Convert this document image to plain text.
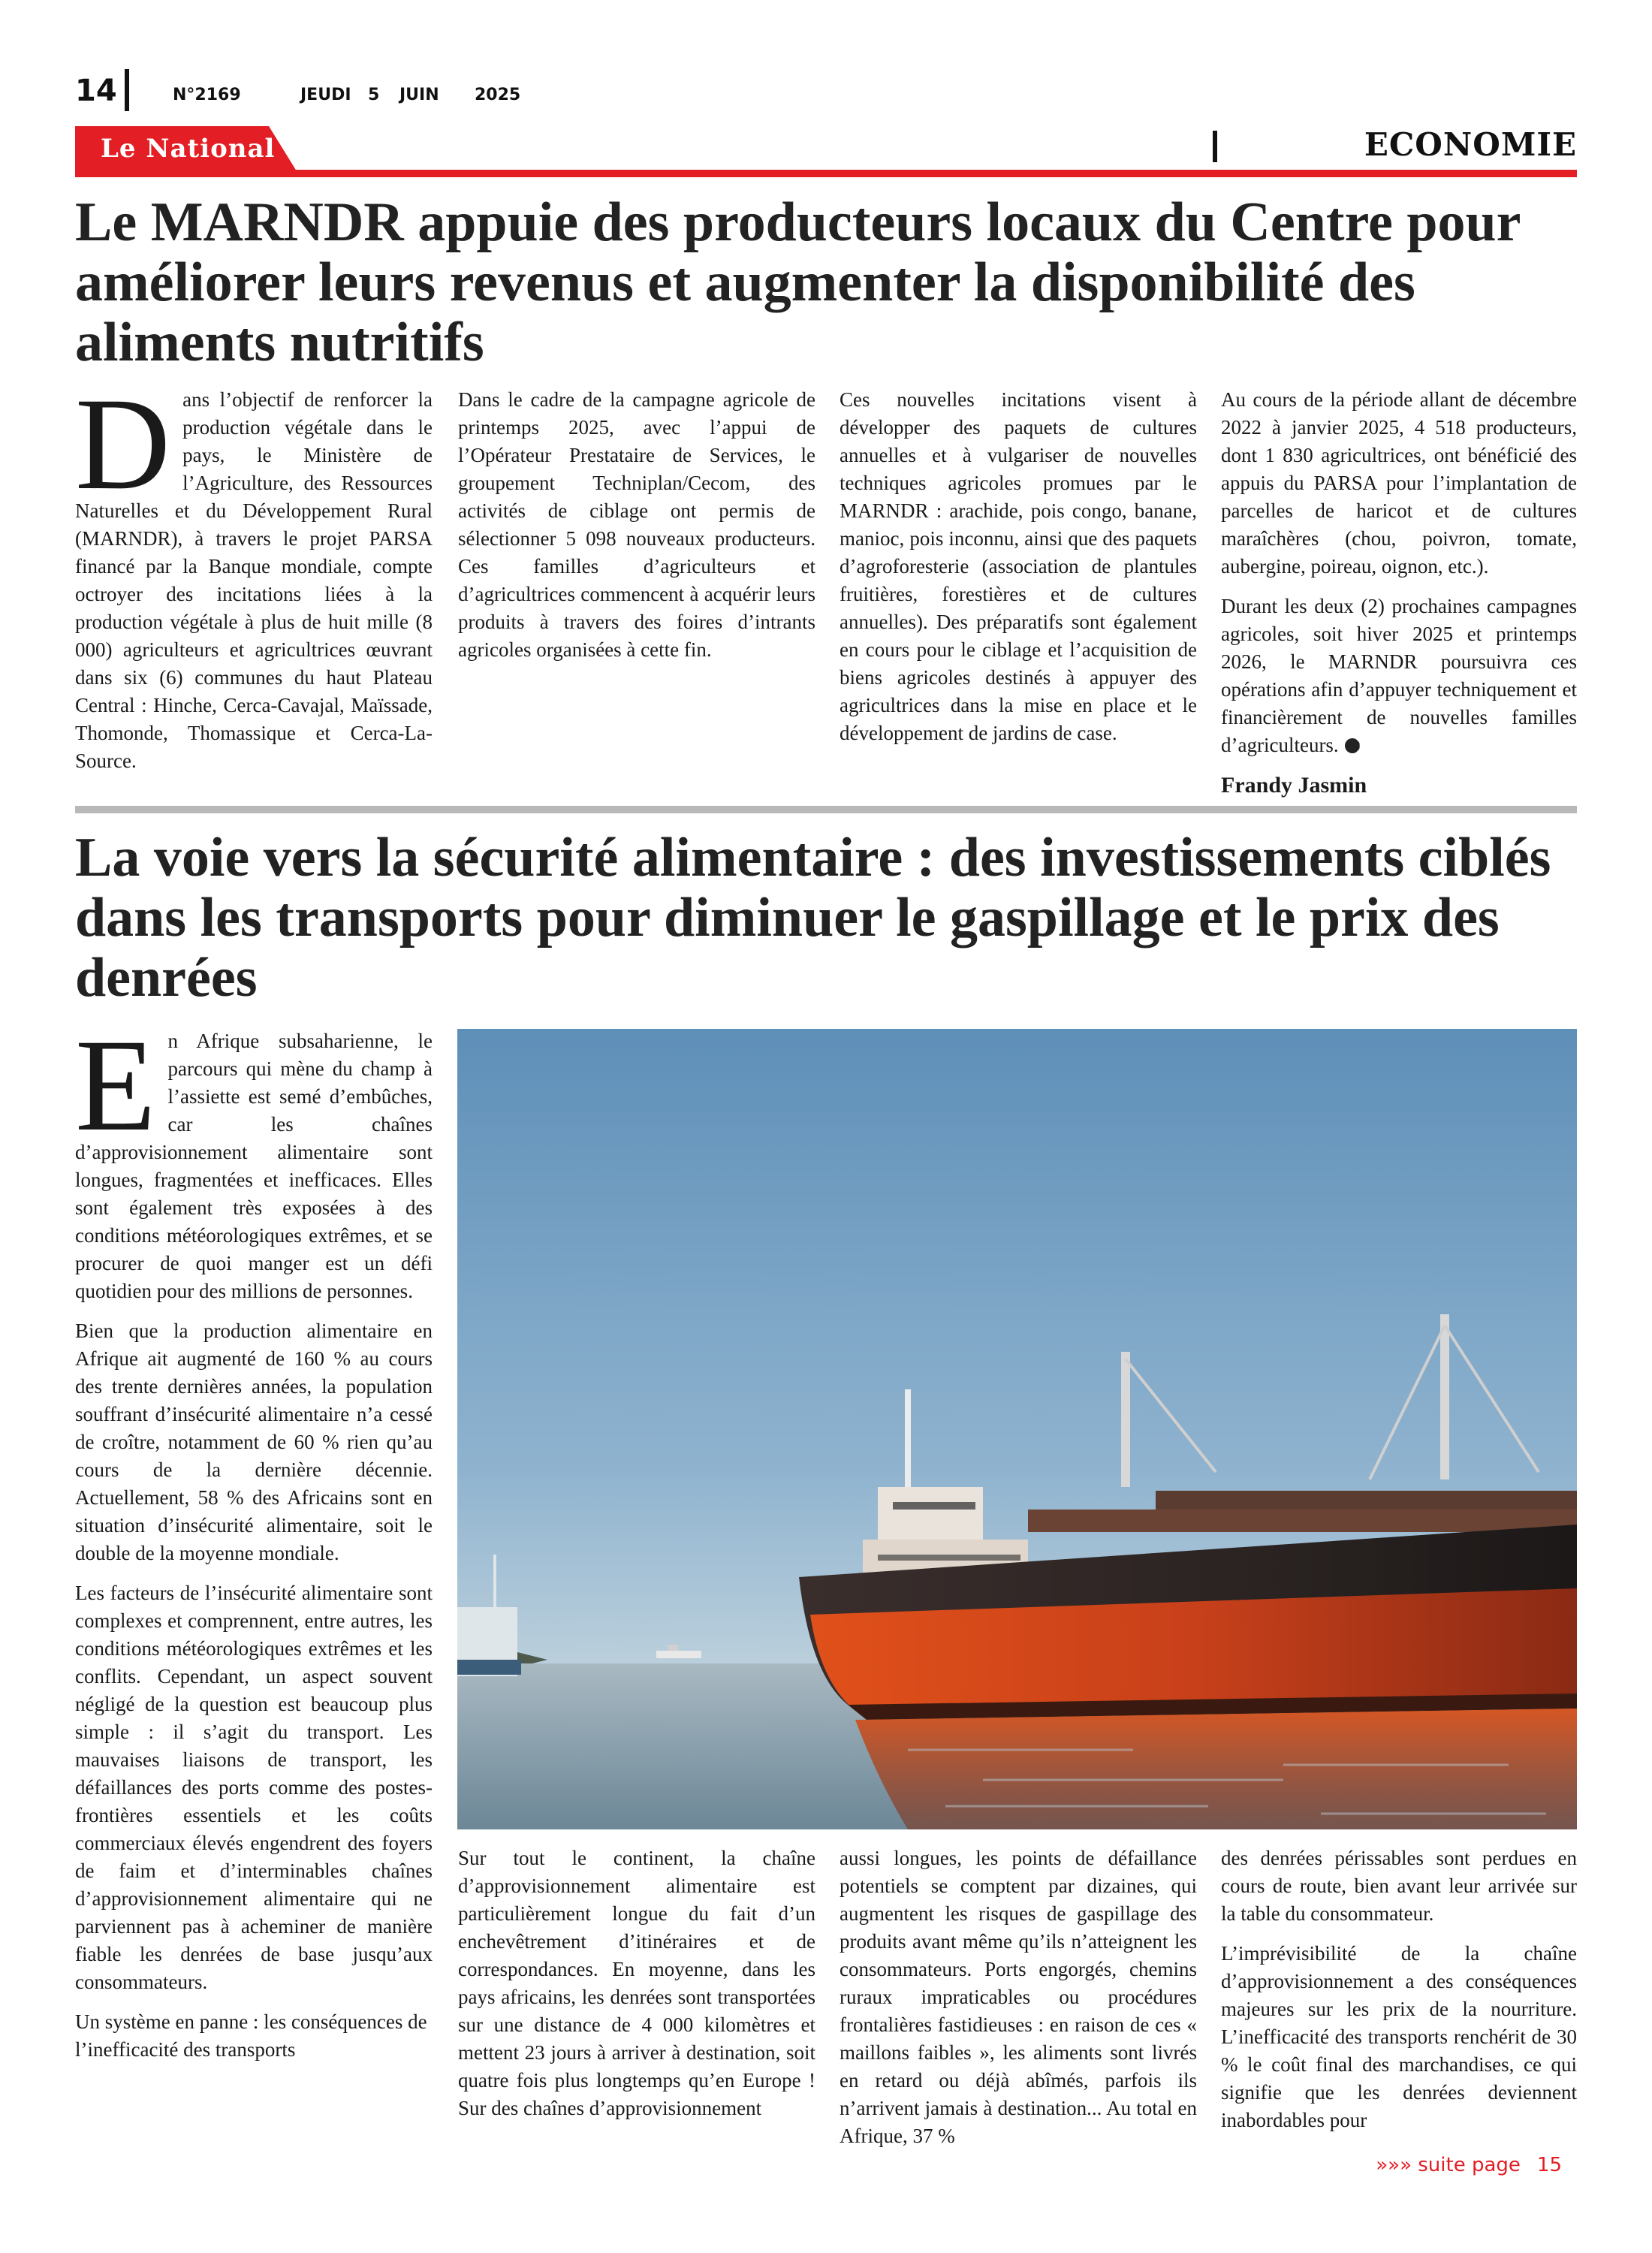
14	N°2169	JEUDI 5 JUIN 2025
Le National	ECONOMIE
Le MARNDR appuie des producteurs locaux du Centre pour améliorer leurs revenus et augmenter la disponibilité des aliments nutritifs

Dans l’objectif de renforcer la production végétale dans le pays, le Ministère de l’Agriculture, des Ressources Naturelles et du Développement Rural (MARNDR), à travers le projet PARSA financé par la Banque mondiale, compte octroyer des incitations liées à la production végétale à plus de huit mille (8 000) agriculteurs et agricultrices œuvrant dans six (6) communes du haut Plateau Central : Hinche, Cerca-Cavajal, Maïssade, Thomonde, Thomassique et Cerca-La-Source.

Dans le cadre de la campagne agricole de printemps 2025, avec l’appui de l’Opérateur Prestataire de Services, le groupement Techniplan/Cecom, des activités de ciblage ont permis de sélectionner 5 098 nouveaux producteurs. Ces familles d’agriculteurs et d’agricultrices commencent à acquérir leurs produits à travers des foires d’intrants agricoles organisées à cette fin.

Ces nouvelles incitations visent à développer des paquets de cultures annuelles et à vulgariser de nouvelles techniques agricoles promues par le MARNDR : arachide, pois congo, banane, manioc, pois inconnu, ainsi que des paquets d’agroforesterie (association de plantules fruitières, forestières et de cultures annuelles). Des préparatifs sont également en cours pour le ciblage et l’acquisition de biens agricoles destinés à appuyer des agricultrices dans la mise en place et le développement de jardins de case.

Au cours de la période allant de décembre 2022 à janvier 2025, 4 518 producteurs, dont 1 830 agricultrices, ont bénéficié des appuis du PARSA pour l’implantation de parcelles de haricot et de cultures maraîchères (chou, poivron, tomate, aubergine, poireau, oignon, etc.).

Durant les deux (2) prochaines campagnes agricoles, soit hiver 2025 et printemps 2026, le MARNDR poursuivra ces opérations afin d’appuyer techniquement et financièrement de nouvelles familles d’agriculteurs.

Frandy Jasmin
La voie vers la sécurité alimentaire : des investissements ciblés dans les transports pour diminuer le gaspillage et le prix des denrées

En Afrique subsaharienne, le parcours qui mène du champ à l’assiette est semé d’embûches, car les chaînes d’approvisionnement alimentaire sont longues, fragmentées et inefficaces. Elles sont également très exposées à des conditions météorologiques extrêmes, et se procurer de quoi manger est un défi quotidien pour des millions de personnes.

Bien que la production alimentaire en Afrique ait augmenté de 160 % au cours des trente dernières années, la population souffrant d’insécurité alimentaire n’a cessé de croître, notamment de 60 % rien qu’au cours de la dernière décennie. Actuellement, 58 % des Africains sont en situation d’insécurité alimentaire, soit le double de la moyenne mondiale.

Les facteurs de l’insécurité alimentaire sont complexes et comprennent, entre autres, les conditions météorologiques extrêmes et les conflits. Cependant, un aspect souvent négligé de la question est beaucoup plus simple : il s’agit du transport. Les mauvaises liaisons de transport, les défaillances des ports comme des postes-frontières essentiels et les coûts commerciaux élevés engendrent des foyers de faim et d’interminables chaînes d’approvisionnement alimentaire qui ne parviennent pas à acheminer de manière fiable les denrées de base jusqu’aux consommateurs.

Un système en panne : les conséquences de l’inefficacité des transports

Sur tout le continent, la chaîne d’approvisionnement alimentaire est particulièrement longue du fait d’un enchevêtrement d’itinéraires et de correspondances. En moyenne, dans les pays africains, les denrées sont transportées sur une distance de 4 000 kilomètres et mettent 23 jours à arriver à destination, soit quatre fois plus longtemps qu’en Europe ! Sur des chaînes d’approvisionnement

aussi longues, les points de défaillance potentiels se comptent par dizaines, qui augmentent les risques de gaspillage des produits avant même qu’ils n’atteignent les consommateurs. Ports engorgés, chemins ruraux impraticables ou procédures frontalières fastidieuses : en raison de ces « maillons faibles », les aliments sont livrés en retard ou déjà abîmés, parfois ils n’arrivent jamais à destination... Au total en Afrique, 37 %

des denrées périssables sont perdues en cours de route, bien avant leur arrivée sur la table du consommateur.

L’imprévisibilité de la chaîne d’approvisionnement a des conséquences majeures sur les prix de la nourriture. L’inefficacité des transports renchérit de 30 % le coût final des marchandises, ce qui signifie que les denrées deviennent inabordables pour

»»» suite page 15
